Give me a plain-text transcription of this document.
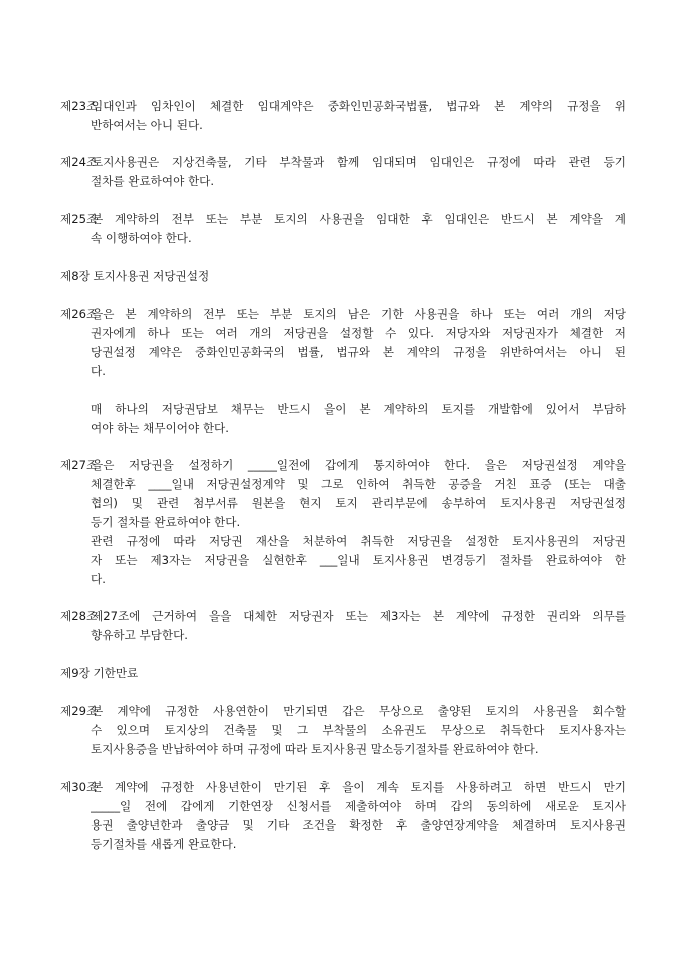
제23조
임대인과 임차인이 체결한 임대계약은 중화인민공화국법률, 법규와 본 계약의 규정을 위
반하여서는 아니 된다.
제24조
토지사용권은 지상건축물, 기타 부착물과 함께 임대되며 임대인은 규정에 따라 관련 등기
절차를 완료하여야 한다.
제25조
본 계약하의 전부 또는 부분 토지의 사용권을 임대한 후 임대인은 반드시 본 계약을 계
속 이행하여야 한다.
제8장 토지사용권 저당권설정
제26조
을은 본 계약하의 전부 또는 부분 토지의 남은 기한 사용권을 하나 또는 여러 개의 저당
권자에게 하나 또는 여러 개의 저당권을 설정할 수 있다. 저당자와 저당권자가 체결한 저
당권설정 계약은 중화인민공화국의 법률, 법규와 본 계약의 규정을 위반하여서는 아니 된
다.
매 하나의 저당권담보 채무는 반드시 을이 본 계약하의 토지를 개발함에 있어서 부담하
여야 하는 채무이어야 한다.
제27조
을은 저당권을 설정하기 _____일전에 갑에게 통지하여야 한다. 을은 저당권설정 계약을
체결한후 ____일내 저당권설정계약 및 그로 인하여 취득한 공증을 거친 표증 (또는 대출
협의) 및 관련 첨부서류 원본을 현지 토지 관리부문에 송부하여 토지사용권 저당권설정
등기 절차를 완료하여야 한다.
관련 규정에 따라 저당권 재산을 처분하여 취득한 저당권을 설정한 토지사용권의 저당권
자 또는 제3자는 저당권을 실현한후 ___일내 토지사용권 변경등기 절차를 완료하여야 한
다.
제28조
제27조에 근거하여 을을 대체한 저당권자 또는 제3자는 본 계약에 규정한 권리와 의무를
향유하고 부담한다.
제9장 기한만료
제29조
본 계약에 규정한 사용연한이 만기되면 갑은 무상으로 출양된 토지의 사용권을 회수할
수 있으며 토지상의 건축물 및 그 부착물의 소유권도 무상으로 취득한다 토지사용자는
토지사용증을 반납하여야 하며 규정에 따라 토지사용권 말소등기절차를 완료하여야 한다.
제30조
본 계약에 규정한 사용년한이 만기된 후 을이 계속 토지를 사용하려고 하면 반드시 만기
_____일 전에 갑에게 기한연장 신청서를 제출하여야 하며 갑의 동의하에 새로운 토지사
용권 출양년한과 출양금 및 기타 조건을 확정한 후 출양연장계약을 체결하며 토지사용권
등기절차를 새롭게 완료한다.
